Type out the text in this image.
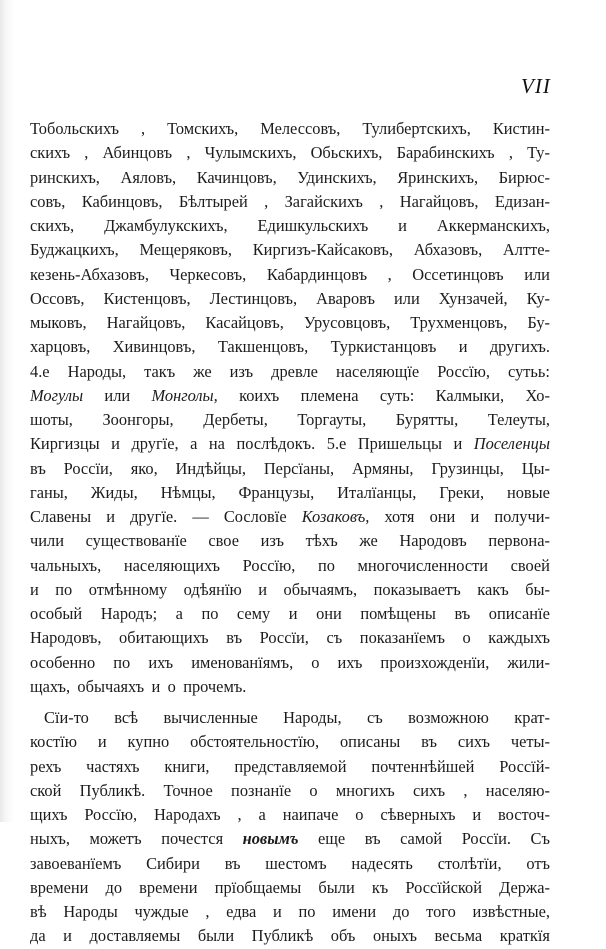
VII
Тобольскихъ , Томскихъ, Мелессовъ, Тулибертскихъ, Кистин-
скихъ , Абинцовъ , Чулымскихъ, Обьскихъ, Барабинскихъ , Ту-
ринскихъ, Аяловъ, Качинцовъ, Удинскихъ, Яринскихъ, Бирюс-
совъ, Кабинцовъ, Бѣлтырей , Загайскихъ , Нагайцовъ, Едизан-
скихъ, Джамбулукскихъ, Едишкульскихъ и Аккерманскихъ,
Буджацкихъ, Мещеряковъ, Киргизъ-Кайсаковъ, Абхазовъ, Алтте-
кезень-Абхазовъ, Черкесовъ, Кабардинцовъ , Оссетинцовъ или
Оссовъ, Кистенцовъ, Лестинцовъ, Аваровъ или Хунзачей, Ку-
мыковъ, Нагайцовъ, Касайцовъ, Урусовцовъ, Трухменцовъ, Бу-
харцовъ, Хивинцовъ, Такшенцовъ, Туркистанцовъ и другихъ.
4.е Народы, такъ же изъ древле населяющїе Россїю, сутьь:
Могулы или Монголы, коихъ племена суть: Калмыки, Хо-
шоты, Зоонгоры, Дербеты, Торгауты, Бурятты, Телеуты,
Киргизцы и другїе, а на послѣдокъ. 5.е Пришельцы и Поселенцы
въ Россїи, яко, Индѣйцы, Персїаны, Армяны, Грузинцы, Цы-
ганы, Жиды, Нѣмцы, Французы, Италїанцы, Греки, новые
Славены и другїе. — Сословїе Козаковъ, хотя они и получи-
чили существованїе свое изъ тѣхъ же Народовъ первона-
чальныхъ, населяющихъ Россїю, по многочисленности своей
и по отмѣнному одѣянїю и обычаямъ, показываетъ какъ бы-
особый Народъ; а по сему и они помѣщены въ описанїе
Народовъ, обитающихъ въ Россїи, съ показанїемъ о каждыхъ
особенно по ихъ именованїямъ, о ихъ произхожденїи, жили-
щахъ, обычаяхъ и о прочемъ.
Сїи-то всѣ вычисленные Народы, съ возможною крат-
костїю и купно обстоятельностїю, описаны въ сихъ четы-
рехъ частяхъ книги, представляемой почтеннѣйшей Россїй-
ской Публикѣ. Точное познанїе о многихъ сихъ , населяю-
щихъ Россїю, Народахъ , а наипаче о сѣверныхъ и восточ-
ныхъ, можетъ почестся новымъ еще въ самой Россїи. Съ
завоеванїемъ Сибири въ шестомъ надесять столѣтїи, отъ
времени до времени прїобщаемы были къ Россїйской Держа-
вѣ Народы чуждые , едва и по имени до того извѣстные,
да и доставляемы были Публикѣ объ оныхъ весьма краткїя
